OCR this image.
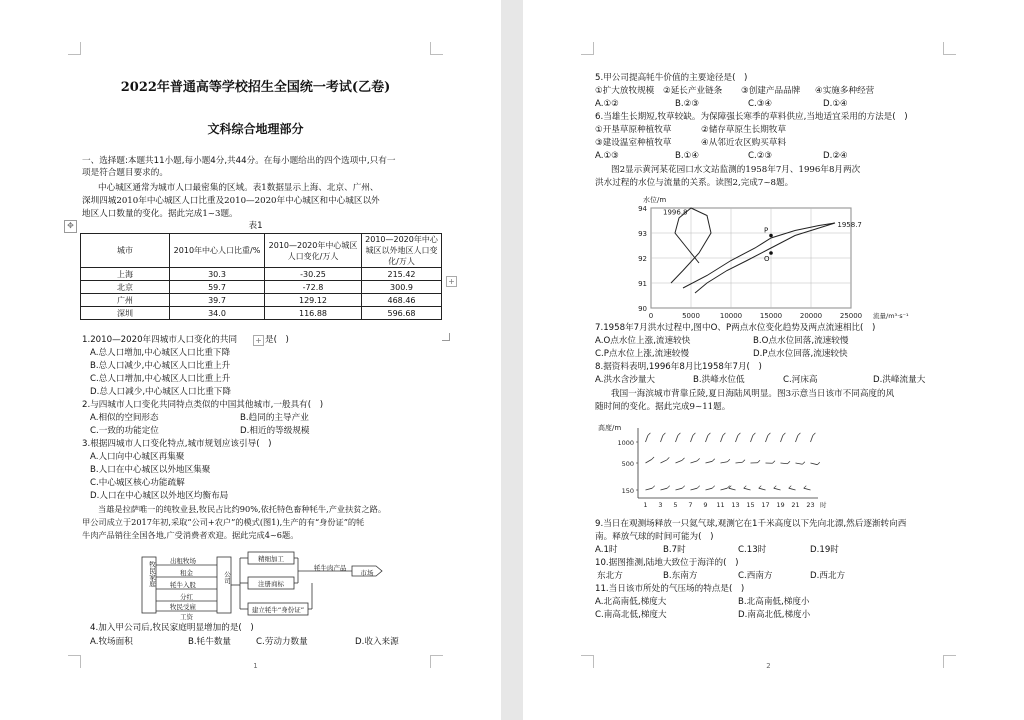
2022年普通高等学校招生全国统一考试(乙卷)
文科综合地理部分
一、选择题:本题共11小题,每小题4分,共44分。在每小题给出的四个选项中,只有一
项是符合题目要求的。
中心城区通常为城市人口最密集的区域。表1数据显示上海、北京、广州、
深圳四城2010年中心城区人口比重及2010—2020年中心城区和中心城区以外
地区人口数量的变化。据此完成1~3题。
✥	表1
城市	2010年中心人口比重/%	2010—2020年中心城区人口变化/万人	2010—2020年中心城区以外地区人口变化/万人
上海	30.3	-30.25	215.42
北京	59.7	-72.8	300.9
广州	39.7	129.12	468.46
深圳	34.0	116.88	596.68
+
1.2010—2020年四城市人口变化的共同 + 是(　)
A.总人口增加,中心城区人口比重下降
B.总人口减少,中心城区人口比重上升
C.总人口增加,中心城区人口比重上升
D.总人口减少,中心城区人口比重下降
2.与四城市人口变化共同特点类似的中国其他城市,一般具有(　)
A.相似的空间形态	B.趋同的主导产业
C.一致的功能定位	D.相近的等级规模
3.根据四城市人口变化特点,城市规划应该引导(　)
A.人口向中心城区再集聚
B.人口在中心城区以外地区集聚
C.中心城区核心功能疏解
D.人口在中心城区以外地区均衡布局
当雄是拉萨唯一的纯牧业县,牧民占比约90%,依托特色畜种牦牛,产业扶贫之路。
甲公司成立于2017年初,采取“公司+农户”的模式(图1),生产的有“身份证”的牦
牛肉产品销往全国各地,广受消费者欢迎。据此完成4~6题。
牧民家庭	公司
出租牧场
租金
牦牛入股
分红
牧民受雇
工资
精细加工
注册商标
建立牦牛“身份证”
牦牛肉产品
市场
4.加入甲公司后,牧民家庭明显增加的是(　)
A.牧场面积	B.牦牛数量	C.劳动力数量	D.收入来源
1
5.甲公司提高牦牛价值的主要途径是(　)
①扩大放牧规模 ②延长产业链条 ③创建产品品牌 ④实施多种经营
A.①②	B.②③	C.③④	D.①④
6.当雄生长期短,牧草较缺。为保障强长寒季的草料供应,当地适宜采用的方法是(　)
①开垦草原种植牧草	②储存草原生长期牧草
③建设温室种植牧草	④从邻近农区购买草料
A.①③	B.①④	C.②③	D.②④
图2显示黄河某花园口水文站监测的1958年7月、1996年8月两次
洪水过程的水位与流量的关系。读图2,完成7~8题。
90
91
92
93
94
0	5000	10000	15000	20000	25000
水位/m
流量/m³·s⁻¹
1996.8
1958.7
P
O
7.1958年7月洪水过程中,图中O、P两点水位变化趋势及两点流速相比(　)
A.O点水位上涨,流速较快	B.O点水位回落,流速较慢
C.P点水位上涨,流速较慢	D.P点水位回落,流速较快
8.据资料表明,1996年8月比1958年7月(　)
A.洪水含沙量大	B.洪峰水位低	C.河床高	D.洪峰流量大
我国一海滨城市背靠丘陵,夏日海陆风明显。图3示意当日该市不同高度的风
随时间的变化。据此完成9~11题。
高度/m
150
500
1000
1 3 5 7 9 11 13 15 17 19 21 23 时
9.当日在观测场释放一只氦气球,观测它在1千米高度以下先向北漂,然后逐渐转向西
南。释放气球的时间可能为(　)
A.1时	B.7时	C.13时	D.19时
10.据图推测,陆地大致位于海洋的(　)
东北方	B.东南方	C.西南方	D.西北方
11.当日该市所处的气压场的特点是(　)
A.北高南低,梯度大	B.北高南低,梯度小
C.南高北低,梯度大	D.南高北低,梯度小
2
